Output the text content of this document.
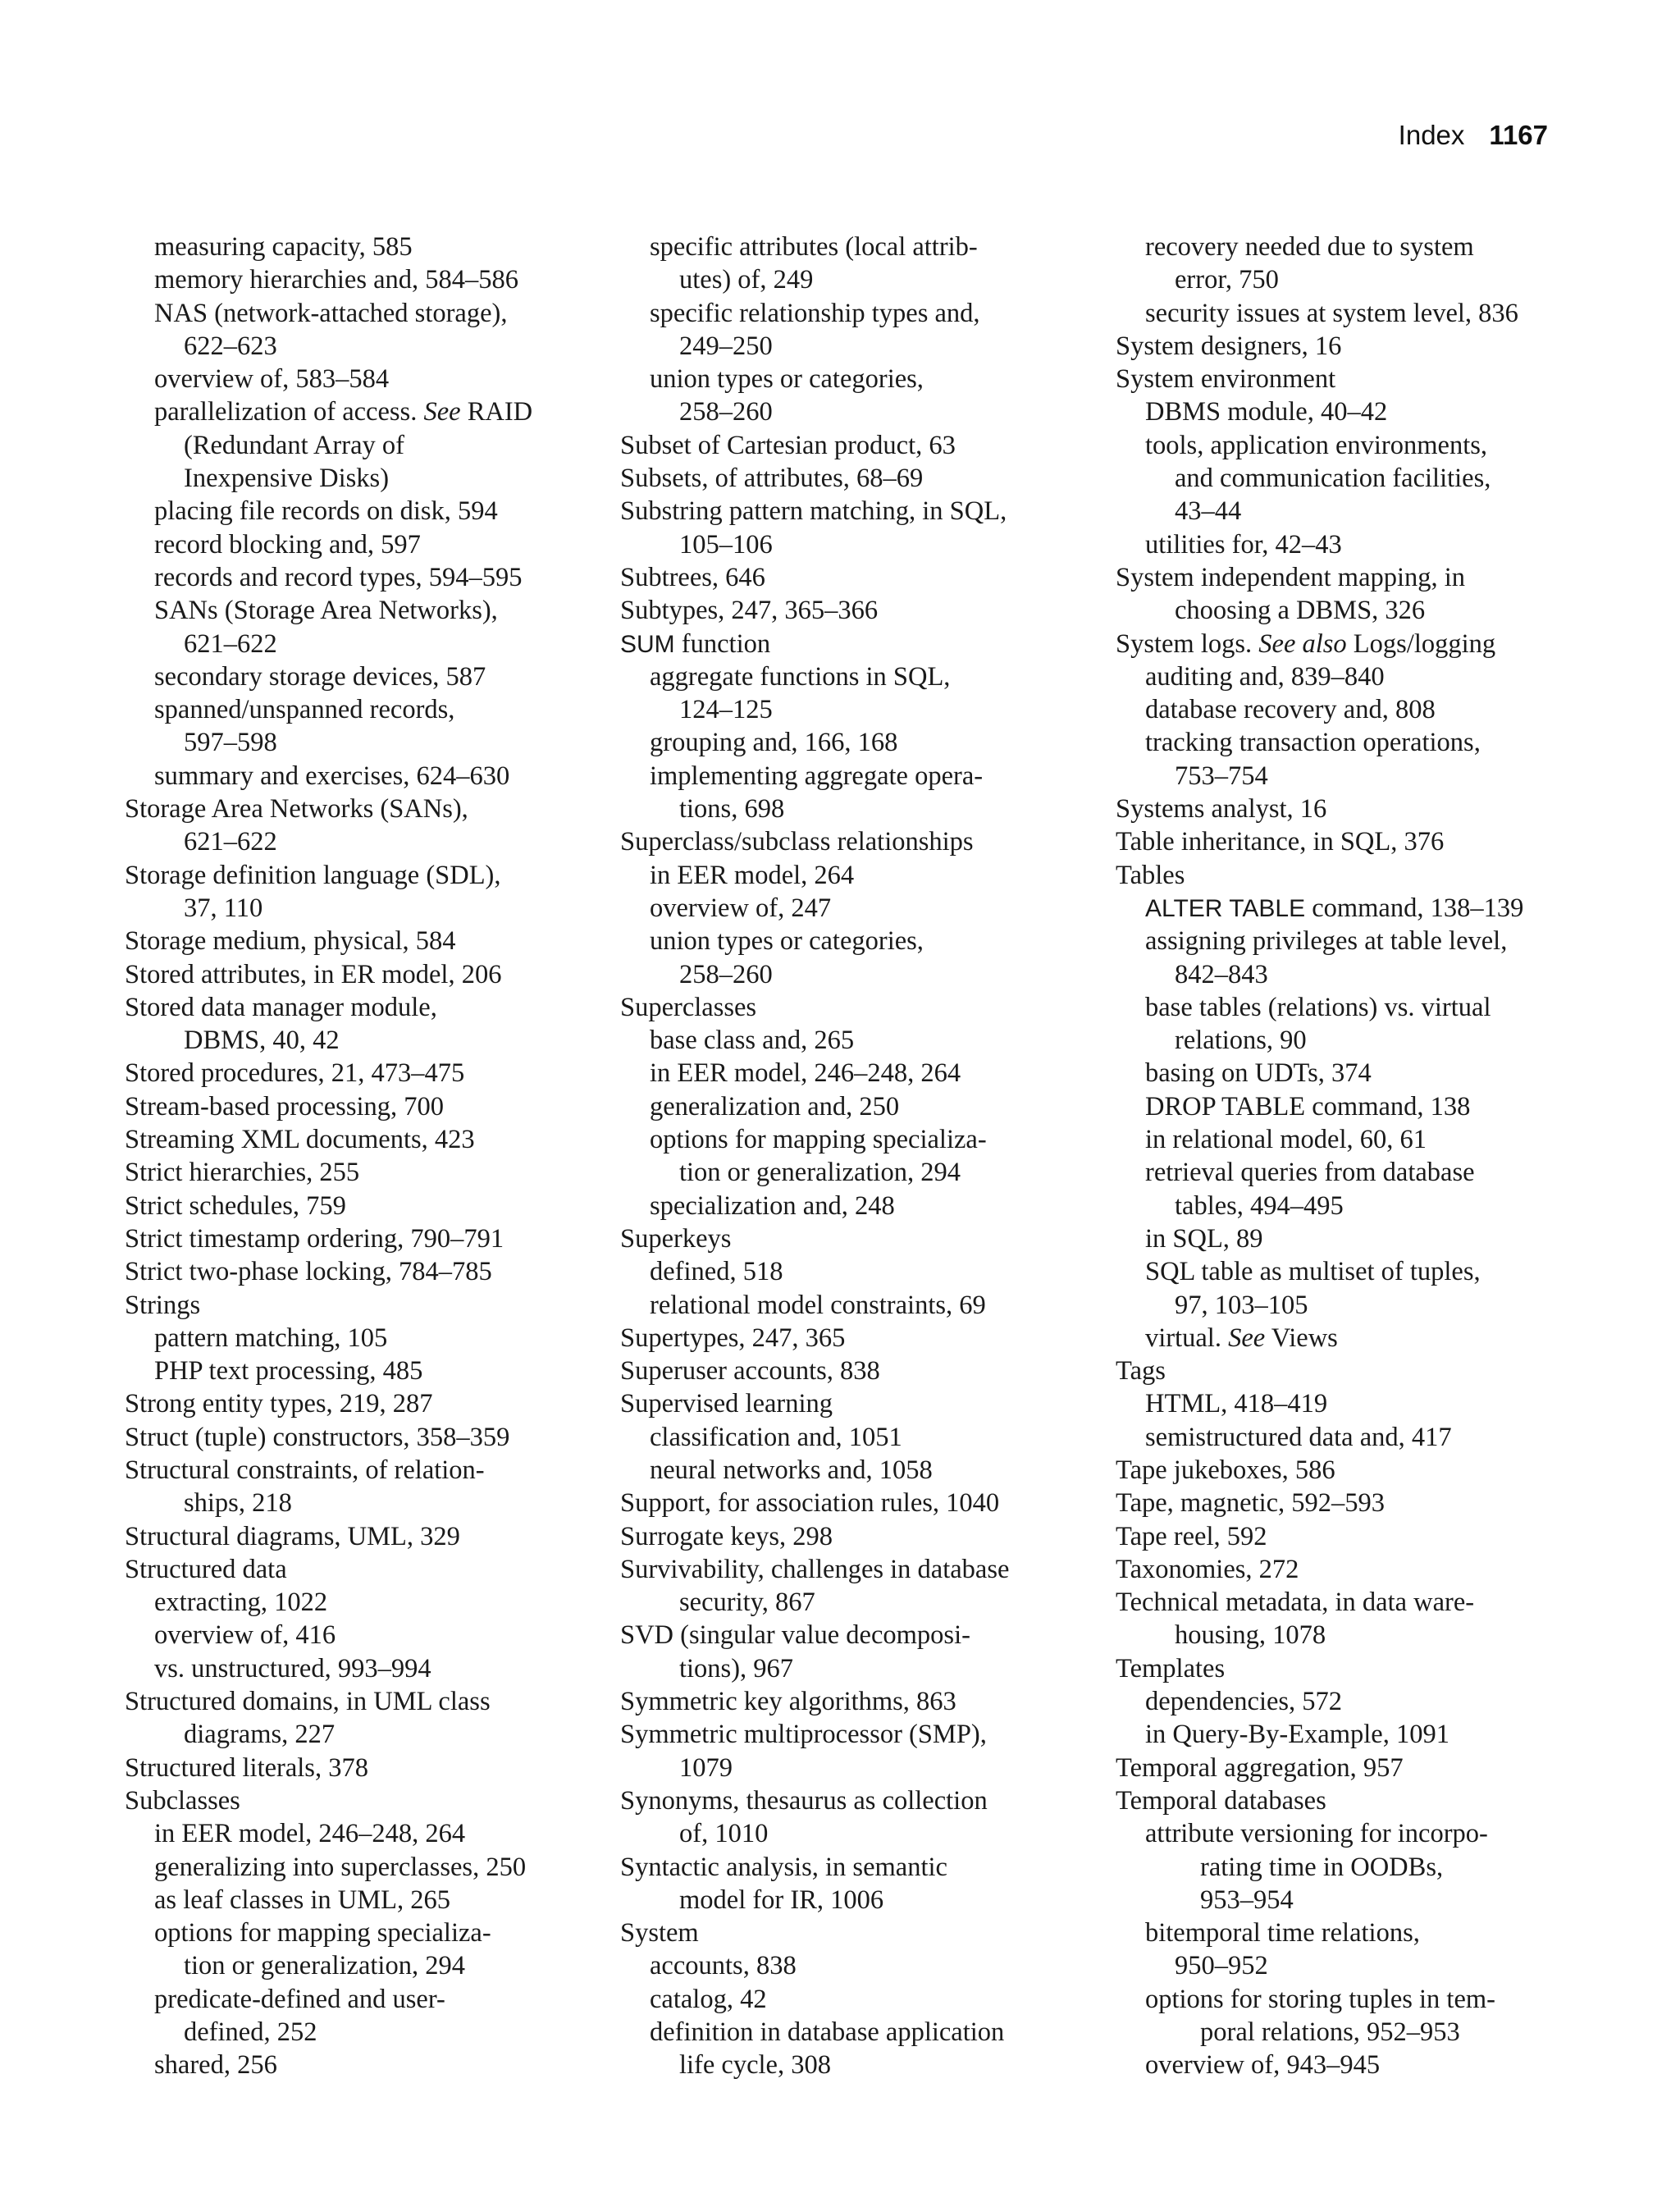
Index 1167
measuring capacity, 585
memory hierarchies and, 584–586
NAS (network-attached storage),
622–623
overview of, 583–584
parallelization of access. See RAID
(Redundant Array of
Inexpensive Disks)
placing file records on disk, 594
record blocking and, 597
records and record types, 594–595
SANs (Storage Area Networks),
621–622
secondary storage devices, 587
spanned/unspanned records,
597–598
summary and exercises, 624–630
Storage Area Networks (SANs),
621–622
Storage definition language (SDL),
37, 110
Storage medium, physical, 584
Stored attributes, in ER model, 206
Stored data manager module,
DBMS, 40, 42
Stored procedures, 21, 473–475
Stream-based processing, 700
Streaming XML documents, 423
Strict hierarchies, 255
Strict schedules, 759
Strict timestamp ordering, 790–791
Strict two-phase locking, 784–785
Strings
pattern matching, 105
PHP text processing, 485
Strong entity types, 219, 287
Struct (tuple) constructors, 358–359
Structural constraints, of relation-
ships, 218
Structural diagrams, UML, 329
Structured data
extracting, 1022
overview of, 416
vs. unstructured, 993–994
Structured domains, in UML class
diagrams, 227
Structured literals, 378
Subclasses
in EER model, 246–248, 264
generalizing into superclasses, 250
as leaf classes in UML, 265
options for mapping specializa-
tion or generalization, 294
predicate-defined and user-
defined, 252
shared, 256
specific attributes (local attrib-
utes) of, 249
specific relationship types and,
249–250
union types or categories,
258–260
Subset of Cartesian product, 63
Subsets, of attributes, 68–69
Substring pattern matching, in SQL,
105–106
Subtrees, 646
Subtypes, 247, 365–366
SUM function
aggregate functions in SQL,
124–125
grouping and, 166, 168
implementing aggregate opera-
tions, 698
Superclass/subclass relationships
in EER model, 264
overview of, 247
union types or categories,
258–260
Superclasses
base class and, 265
in EER model, 246–248, 264
generalization and, 250
options for mapping specializa-
tion or generalization, 294
specialization and, 248
Superkeys
defined, 518
relational model constraints, 69
Supertypes, 247, 365
Superuser accounts, 838
Supervised learning
classification and, 1051
neural networks and, 1058
Support, for association rules, 1040
Surrogate keys, 298
Survivability, challenges in database
security, 867
SVD (singular value decomposi-
tions), 967
Symmetric key algorithms, 863
Symmetric multiprocessor (SMP),
1079
Synonyms, thesaurus as collection
of, 1010
Syntactic analysis, in semantic
model for IR, 1006
System
accounts, 838
catalog, 42
definition in database application
life cycle, 308
recovery needed due to system
error, 750
security issues at system level, 836
System designers, 16
System environment
DBMS module, 40–42
tools, application environments,
and communication facilities,
43–44
utilities for, 42–43
System independent mapping, in
choosing a DBMS, 326
System logs. See also Logs/logging
auditing and, 839–840
database recovery and, 808
tracking transaction operations,
753–754
Systems analyst, 16
Table inheritance, in SQL, 376
Tables
ALTER TABLE command, 138–139
assigning privileges at table level,
842–843
base tables (relations) vs. virtual
relations, 90
basing on UDTs, 374
DROP TABLE command, 138
in relational model, 60, 61
retrieval queries from database
tables, 494–495
in SQL, 89
SQL table as multiset of tuples,
97, 103–105
virtual. See Views
Tags
HTML, 418–419
semistructured data and, 417
Tape jukeboxes, 586
Tape, magnetic, 592–593
Tape reel, 592
Taxonomies, 272
Technical metadata, in data ware-
housing, 1078
Templates
dependencies, 572
in Query-By-Example, 1091
Temporal aggregation, 957
Temporal databases
attribute versioning for incorpo-
rating time in OODBs,
953–954
bitemporal time relations,
950–952
options for storing tuples in tem-
poral relations, 952–953
overview of, 943–945
